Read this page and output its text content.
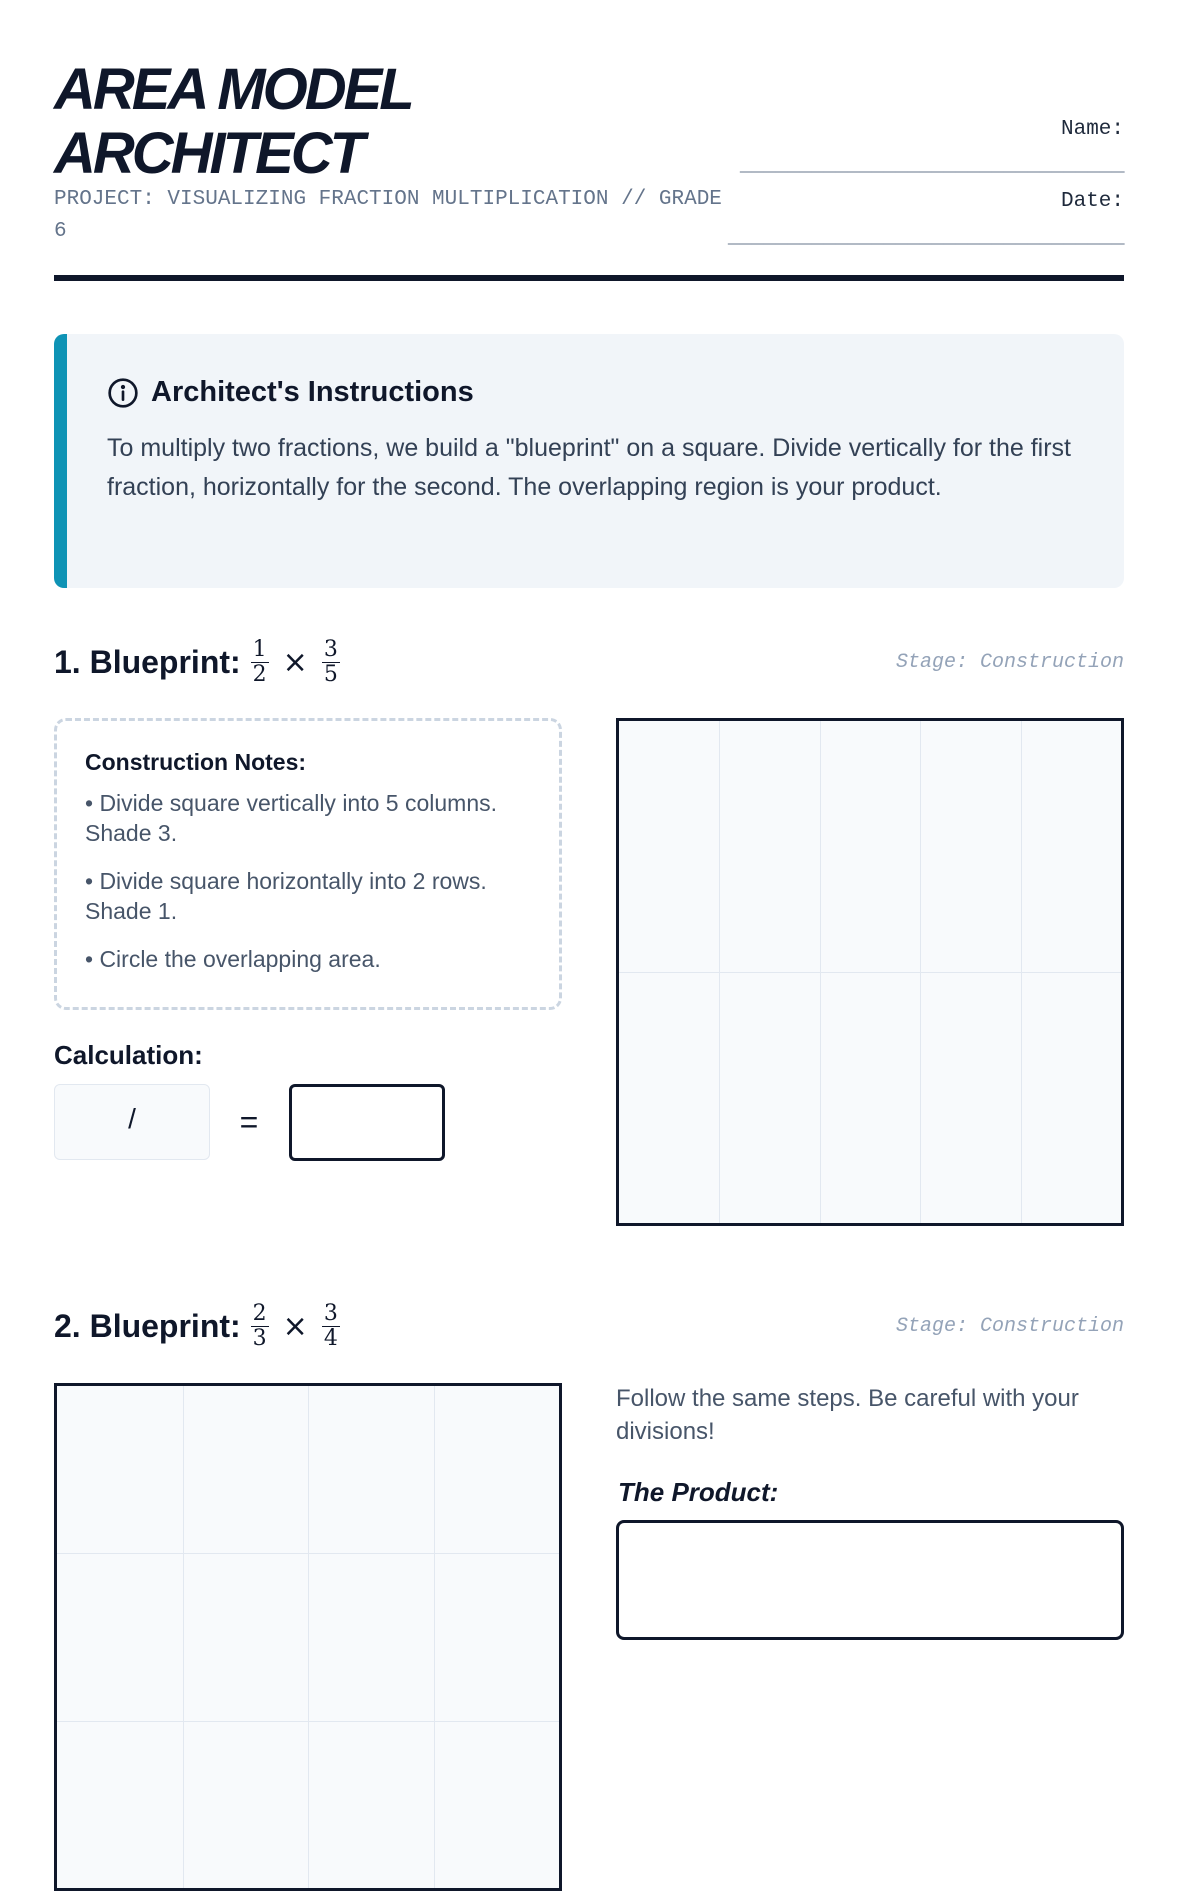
AREA MODEL
ARCHITECT
PROJECT: VISUALIZING FRACTION MULTIPLICATION // GRADE 6
Name:
________________________________
Date:
_________________________________
Architect's Instructions

To multiply two fractions, we build a "blueprint" on a square. Divide vertically for the first fraction, horizontally for the second. The overlapping region is your product.

1. Blueprint: $\frac{1}{2} \times \frac{3}{5}$	Stage: Construction
Construction Notes:
• Divide square vertically into 5 columns. Shade 3.
• Divide square horizontally into 2 rows. Shade 1.
• Circle the overlapping area.
Calculation:
/	=
2. Blueprint: $\frac{2}{3} \times \frac{3}{4}$	Stage: Construction
Follow the same steps. Be careful with your divisions!
The Product:
